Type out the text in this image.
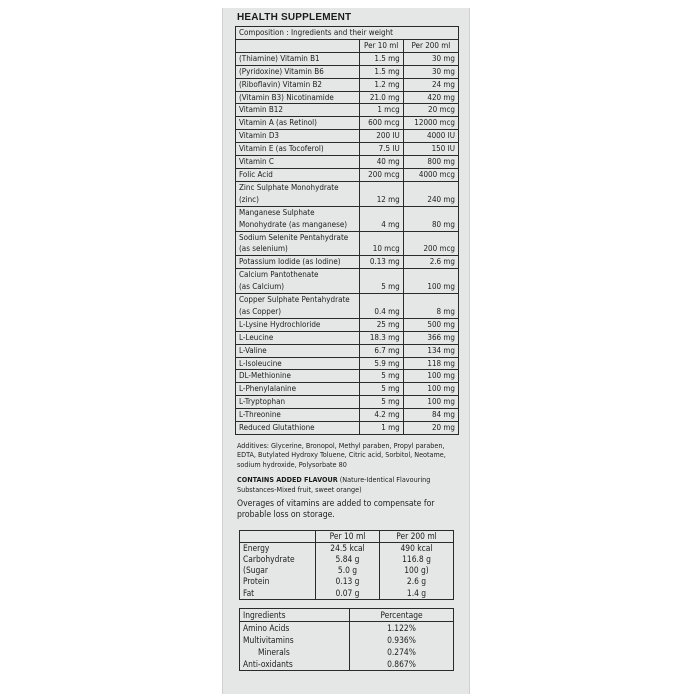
HEALTH SUPPLEMENT
Composition : Ingredients and their weight		
	Per 10 ml	Per 200 ml
(Thiamine) Vitamin B1	1.5 mg	30 mg
(Pyridoxine) Vitamin B6	1.5 mg	30 mg
(Riboflavin) Vitamin B2	1.2 mg	24 mg
(Vitamin B3) Nicotinamide	21.0 mg	420 mg
Vitamin B12	1 mcg	20 mcg
Vitamin A (as Retinol)	600 mcg	12000 mcg
Vitamin D3	200 IU	4000 IU
Vitamin E (as Tocoferol)	7.5 IU	150 IU
Vitamin C	40 mg	800 mg
Folic Acid	200 mcg	4000 mcg
Zinc Sulphate Monohydrate
(zinc)	12 mg	240 mg
Manganese Sulphate
Monohydrate (as manganese)	4 mg	80 mg
Sodium Selenite Pentahydrate
(as selenium)	10 mcg	200 mcg
Potassium Iodide (as Iodine)	0.13 mg	2.6 mg
Calcium Pantothenate
(as Calcium)	5 mg	100 mg
Copper Sulphate Pentahydrate
(as Copper)	0.4 mg	8 mg
L-Lysine Hydrochloride	25 mg	500 mg
L-Leucine	18.3 mg	366 mg
L-Valine	6.7 mg	134 mg
L-Isoleucine	5.9 mg	118 mg
DL-Methionine	5 mg	100 mg
L-Phenylalanine	5 mg	100 mg
L-Tryptophan	5 mg	100 mg
L-Threonine	4.2 mg	84 mg
Reduced Glutathione	1 mg	20 mg
Additives: Glycerine, Bronopol, Methyl paraben, Propyl paraben, EDTA, Butylated Hydroxy Toluene, Citric acid, Sorbitol, Neotame, sodium hydroxide, Polysorbate 80
CONTAINS ADDED FLAVOUR (Nature-Identical Flavouring Substances-Mixed fruit, sweet orange)
Overages of vitamins are added to compensate for probable loss on storage.
	Per 10 ml	Per 200 ml
Energy	24.5 kcal	490 kcal
Carbohydrate	5.84 g	116.8 g
(Sugar	5.0 g	100 g)
Protein	0.13 g	2.6 g
Fat	0.07 g	1.4 g
Ingredients	Percentage
Amino Acids	1.122%
Multivitamins	0.936%
Minerals	0.274%
Anti-oxidants	0.867%
